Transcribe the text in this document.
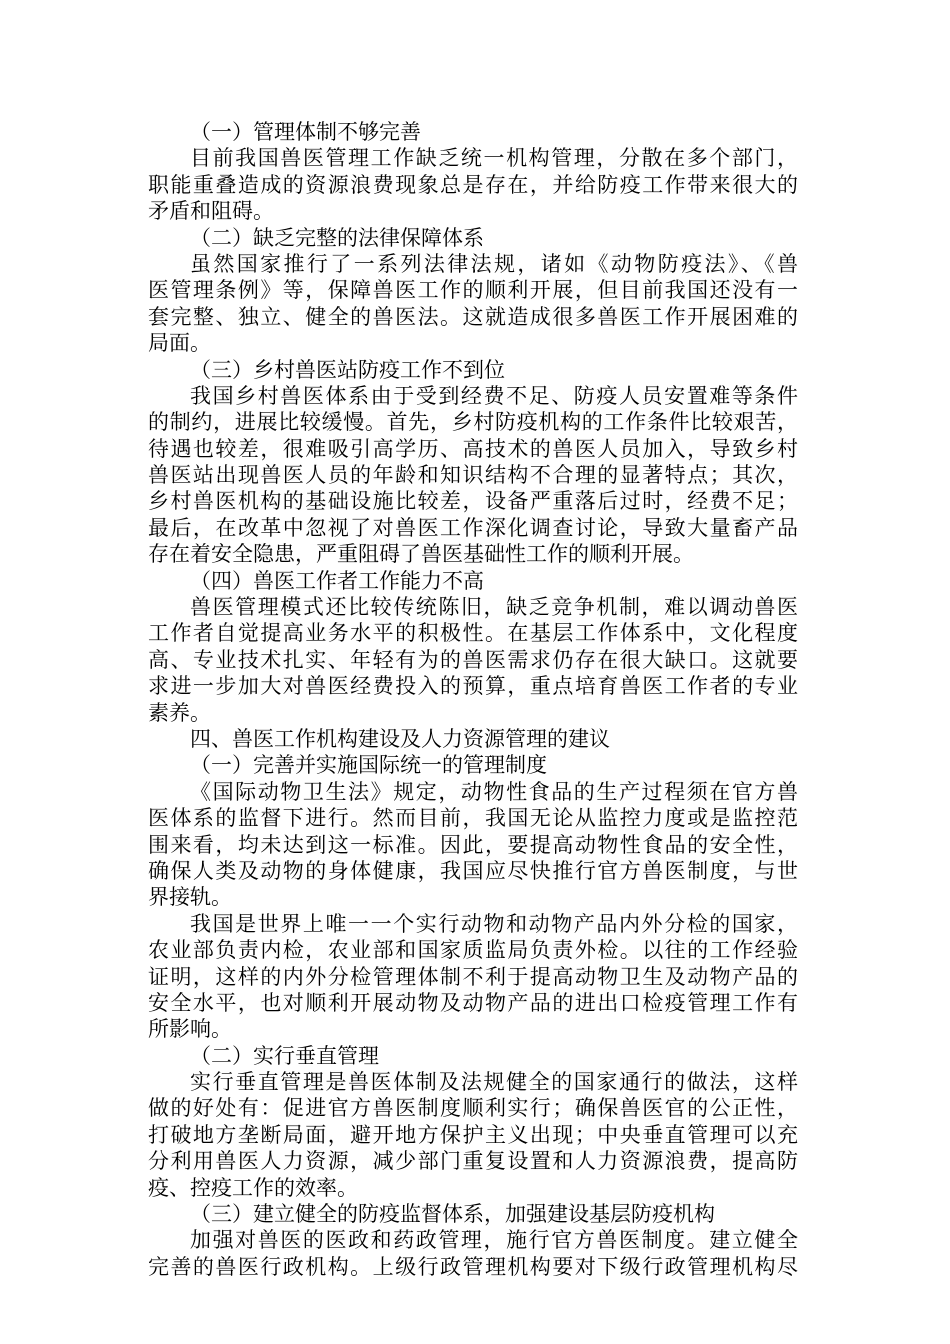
（一）管理体制不够完善
目前我国兽医管理工作缺乏统一机构管理，分散在多个部门，
职能重叠造成的资源浪费现象总是存在，并给防疫工作带来很大的
矛盾和阻碍。
（二）缺乏完整的法律保障体系
虽然国家推行了一系列法律法规，诸如《动物防疫法》、《兽
医管理条例》等，保障兽医工作的顺利开展，但目前我国还没有一
套完整、独立、健全的兽医法。这就造成很多兽医工作开展困难的
局面。
（三）乡村兽医站防疫工作不到位
我国乡村兽医体系由于受到经费不足、防疫人员安置难等条件
的制约，进展比较缓慢。首先，乡村防疫机构的工作条件比较艰苦，
待遇也较差，很难吸引高学历、高技术的兽医人员加入，导致乡村
兽医站出现兽医人员的年龄和知识结构不合理的显著特点；其次，
乡村兽医机构的基础设施比较差，设备严重落后过时，经费不足；
最后，在改革中忽视了对兽医工作深化调查讨论，导致大量畜产品
存在着安全隐患，严重阻碍了兽医基础性工作的顺利开展。
（四）兽医工作者工作能力不高
兽医管理模式还比较传统陈旧，缺乏竞争机制，难以调动兽医
工作者自觉提高业务水平的积极性。在基层工作体系中，文化程度
高、专业技术扎实、年轻有为的兽医需求仍存在很大缺口。这就要
求进一步加大对兽医经费投入的预算，重点培育兽医工作者的专业
素养。
四、兽医工作机构建设及人力资源管理的建议
（一）完善并实施国际统一的管理制度
《国际动物卫生法》规定，动物性食品的生产过程须在官方兽
医体系的监督下进行。然而目前，我国无论从监控力度或是监控范
围来看，均未达到这一标准。因此，要提高动物性食品的安全性，
确保人类及动物的身体健康，我国应尽快推行官方兽医制度，与世
界接轨。
我国是世界上唯一一个实行动物和动物产品内外分检的国家，
农业部负责内检，农业部和国家质监局负责外检。以往的工作经验
证明，这样的内外分检管理体制不利于提高动物卫生及动物产品的
安全水平，也对顺利开展动物及动物产品的进出口检疫管理工作有
所影响。
（二）实行垂直管理
实行垂直管理是兽医体制及法规健全的国家通行的做法，这样
做的好处有：促进官方兽医制度顺利实行；确保兽医官的公正性，
打破地方垄断局面，避开地方保护主义出现；中央垂直管理可以充
分利用兽医人力资源，减少部门重复设置和人力资源浪费，提高防
疫、控疫工作的效率。
（三）建立健全的防疫监督体系，加强建设基层防疫机构
加强对兽医的医政和药政管理，施行官方兽医制度。建立健全
完善的兽医行政机构。上级行政管理机构要对下级行政管理机构尽
